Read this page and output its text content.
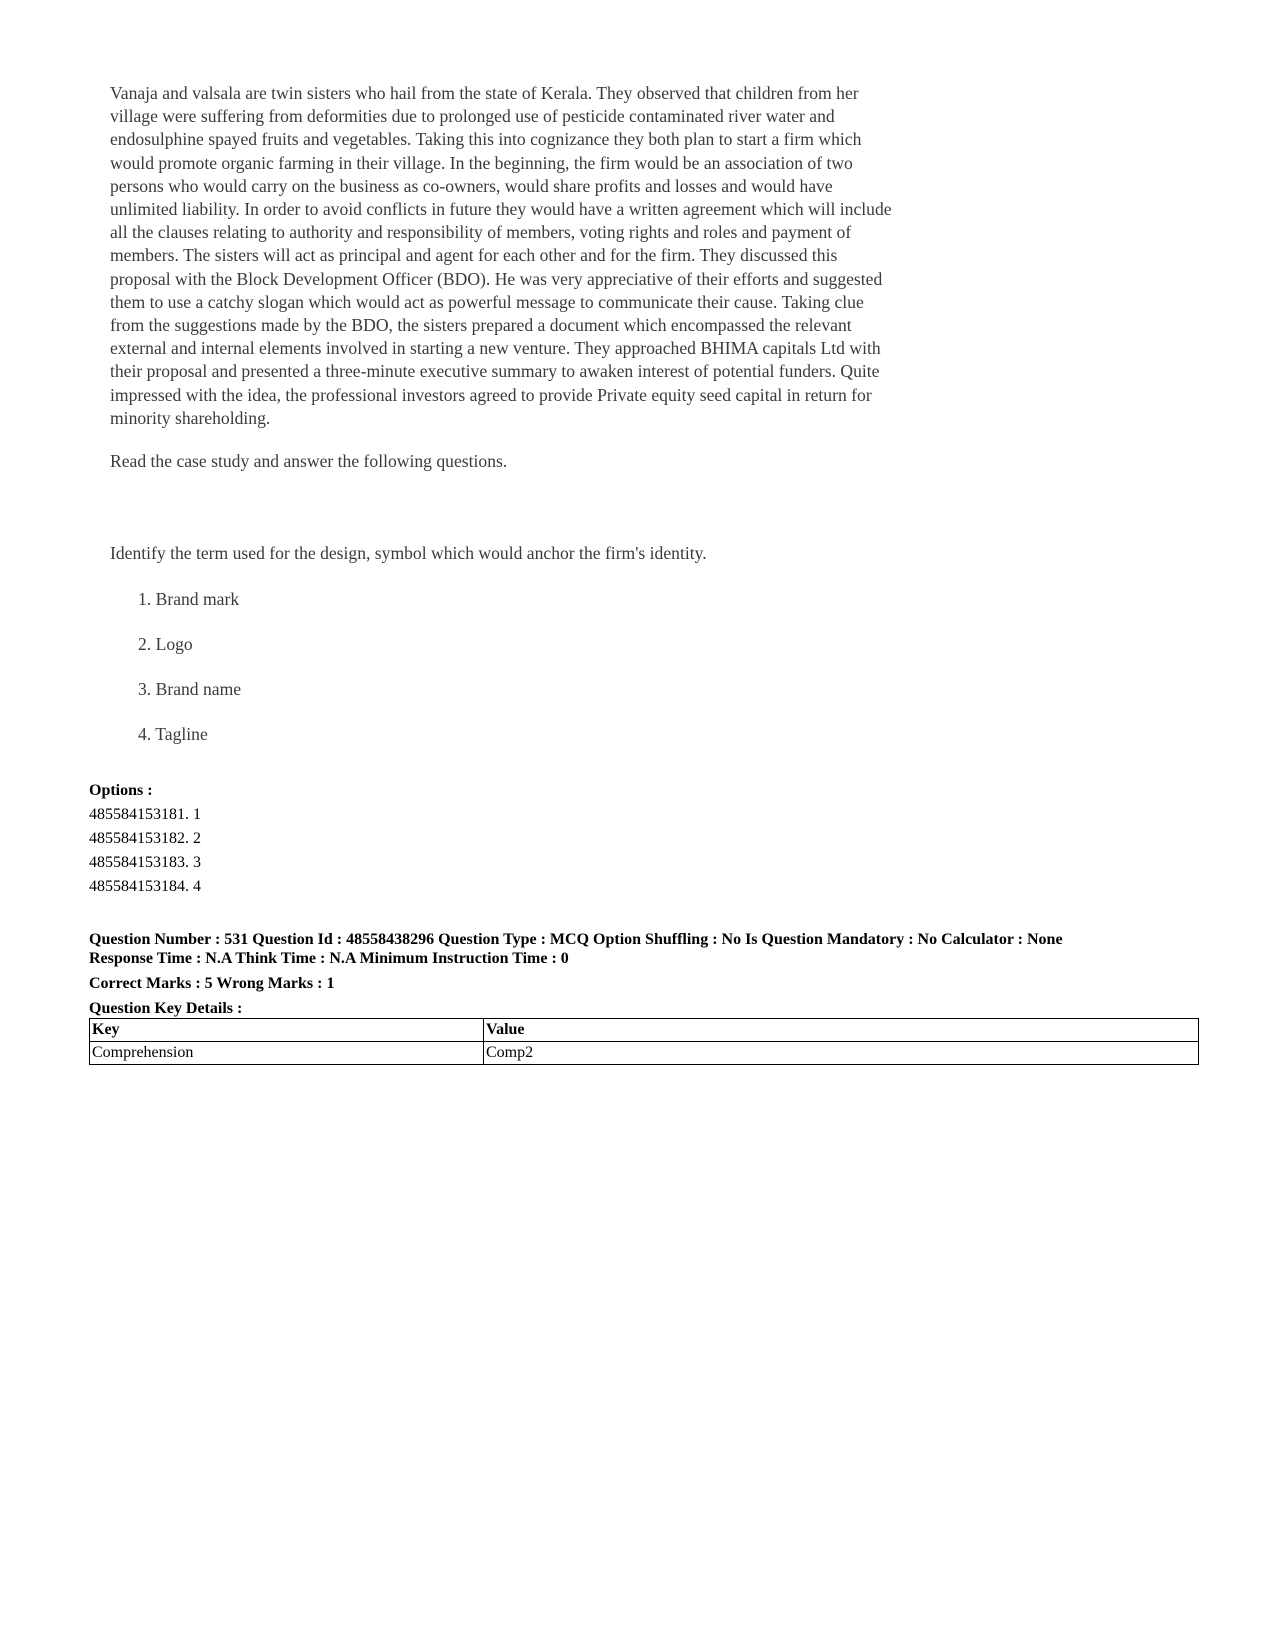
Vanaja and valsala are twin sisters who hail from the state of Kerala. They observed that children from her

village were suffering from deformities due to prolonged use of pesticide contaminated river water and

endosulphine spayed fruits and vegetables. Taking this into cognizance they both plan to start a firm which

would promote organic farming in their village. In the beginning, the firm would be an association of two

persons who would carry on the business as co-owners, would share profits and losses and would have

unlimited liability. In order to avoid conflicts in future they would have a written agreement which will include

all the clauses relating to authority and responsibility of members, voting rights and roles and payment of

members. The sisters will act as principal and agent for each other and for the firm. They discussed this

proposal with the Block Development Officer (BDO). He was very appreciative of their efforts and suggested

them to use a catchy slogan which would act as powerful message to communicate their cause. Taking clue

from the suggestions made by the BDO, the sisters prepared a document which encompassed the relevant

external and internal elements involved in starting a new venture. They approached BHIMA capitals Ltd with

their proposal and presented a three-minute executive summary to awaken interest of potential funders. Quite

impressed with the idea, the professional investors agreed to provide Private equity seed capital in return for

minority shareholding.

Read the case study and answer the following questions.
Identify the term used for the design, symbol which would anchor the firm's identity.
1. Brand mark
2. Logo
3. Brand name
4. Tagline
Options :
485584153181. 1
485584153182. 2
485584153183. 3
485584153184. 4
Question Number : 531 Question Id : 48558438296 Question Type : MCQ Option Shuffling : No Is Question Mandatory : No Calculator : None
Response Time : N.A Think Time : N.A Minimum Instruction Time : 0
Correct Marks : 5 Wrong Marks : 1
Question Key Details :
Key	Value
Comprehension	Comp2
